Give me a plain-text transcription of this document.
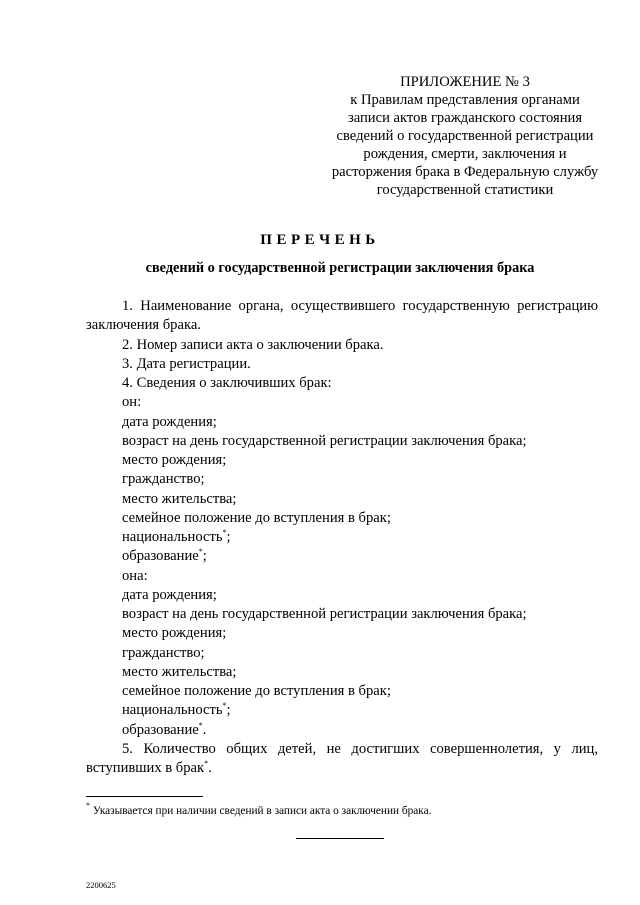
ПРИЛОЖЕНИЕ № 3
к Правилам представления органами
записи актов гражданского состояния
сведений о государственной регистрации
рождения, смерти, заключения и
расторжения брака в Федеральную службу
государственной статистики
ПЕРЕЧЕНЬ
сведений о государственной регистрации заключения брака

1. Наименование органа, осуществившего государственную регистрацию

заключения брака.

2. Номер записи акта о заключении брака.

3. Дата регистрации.

4. Сведения о заключивших брак:

он:

дата рождения;

возраст на день государственной регистрации заключения брака;

место рождения;

гражданство;

место жительства;

семейное положение до вступления в брак;

национальность*;

образование*;

она:

дата рождения;

возраст на день государственной регистрации заключения брака;

место рождения;

гражданство;

место жительства;

семейное положение до вступления в брак;

национальность*;

образование*.

5. Количество общих детей, не достигших совершеннолетия, у лиц,

вступивших в брак*.

* Указывается при наличии сведений в записи акта о заключении брака.
2200625
